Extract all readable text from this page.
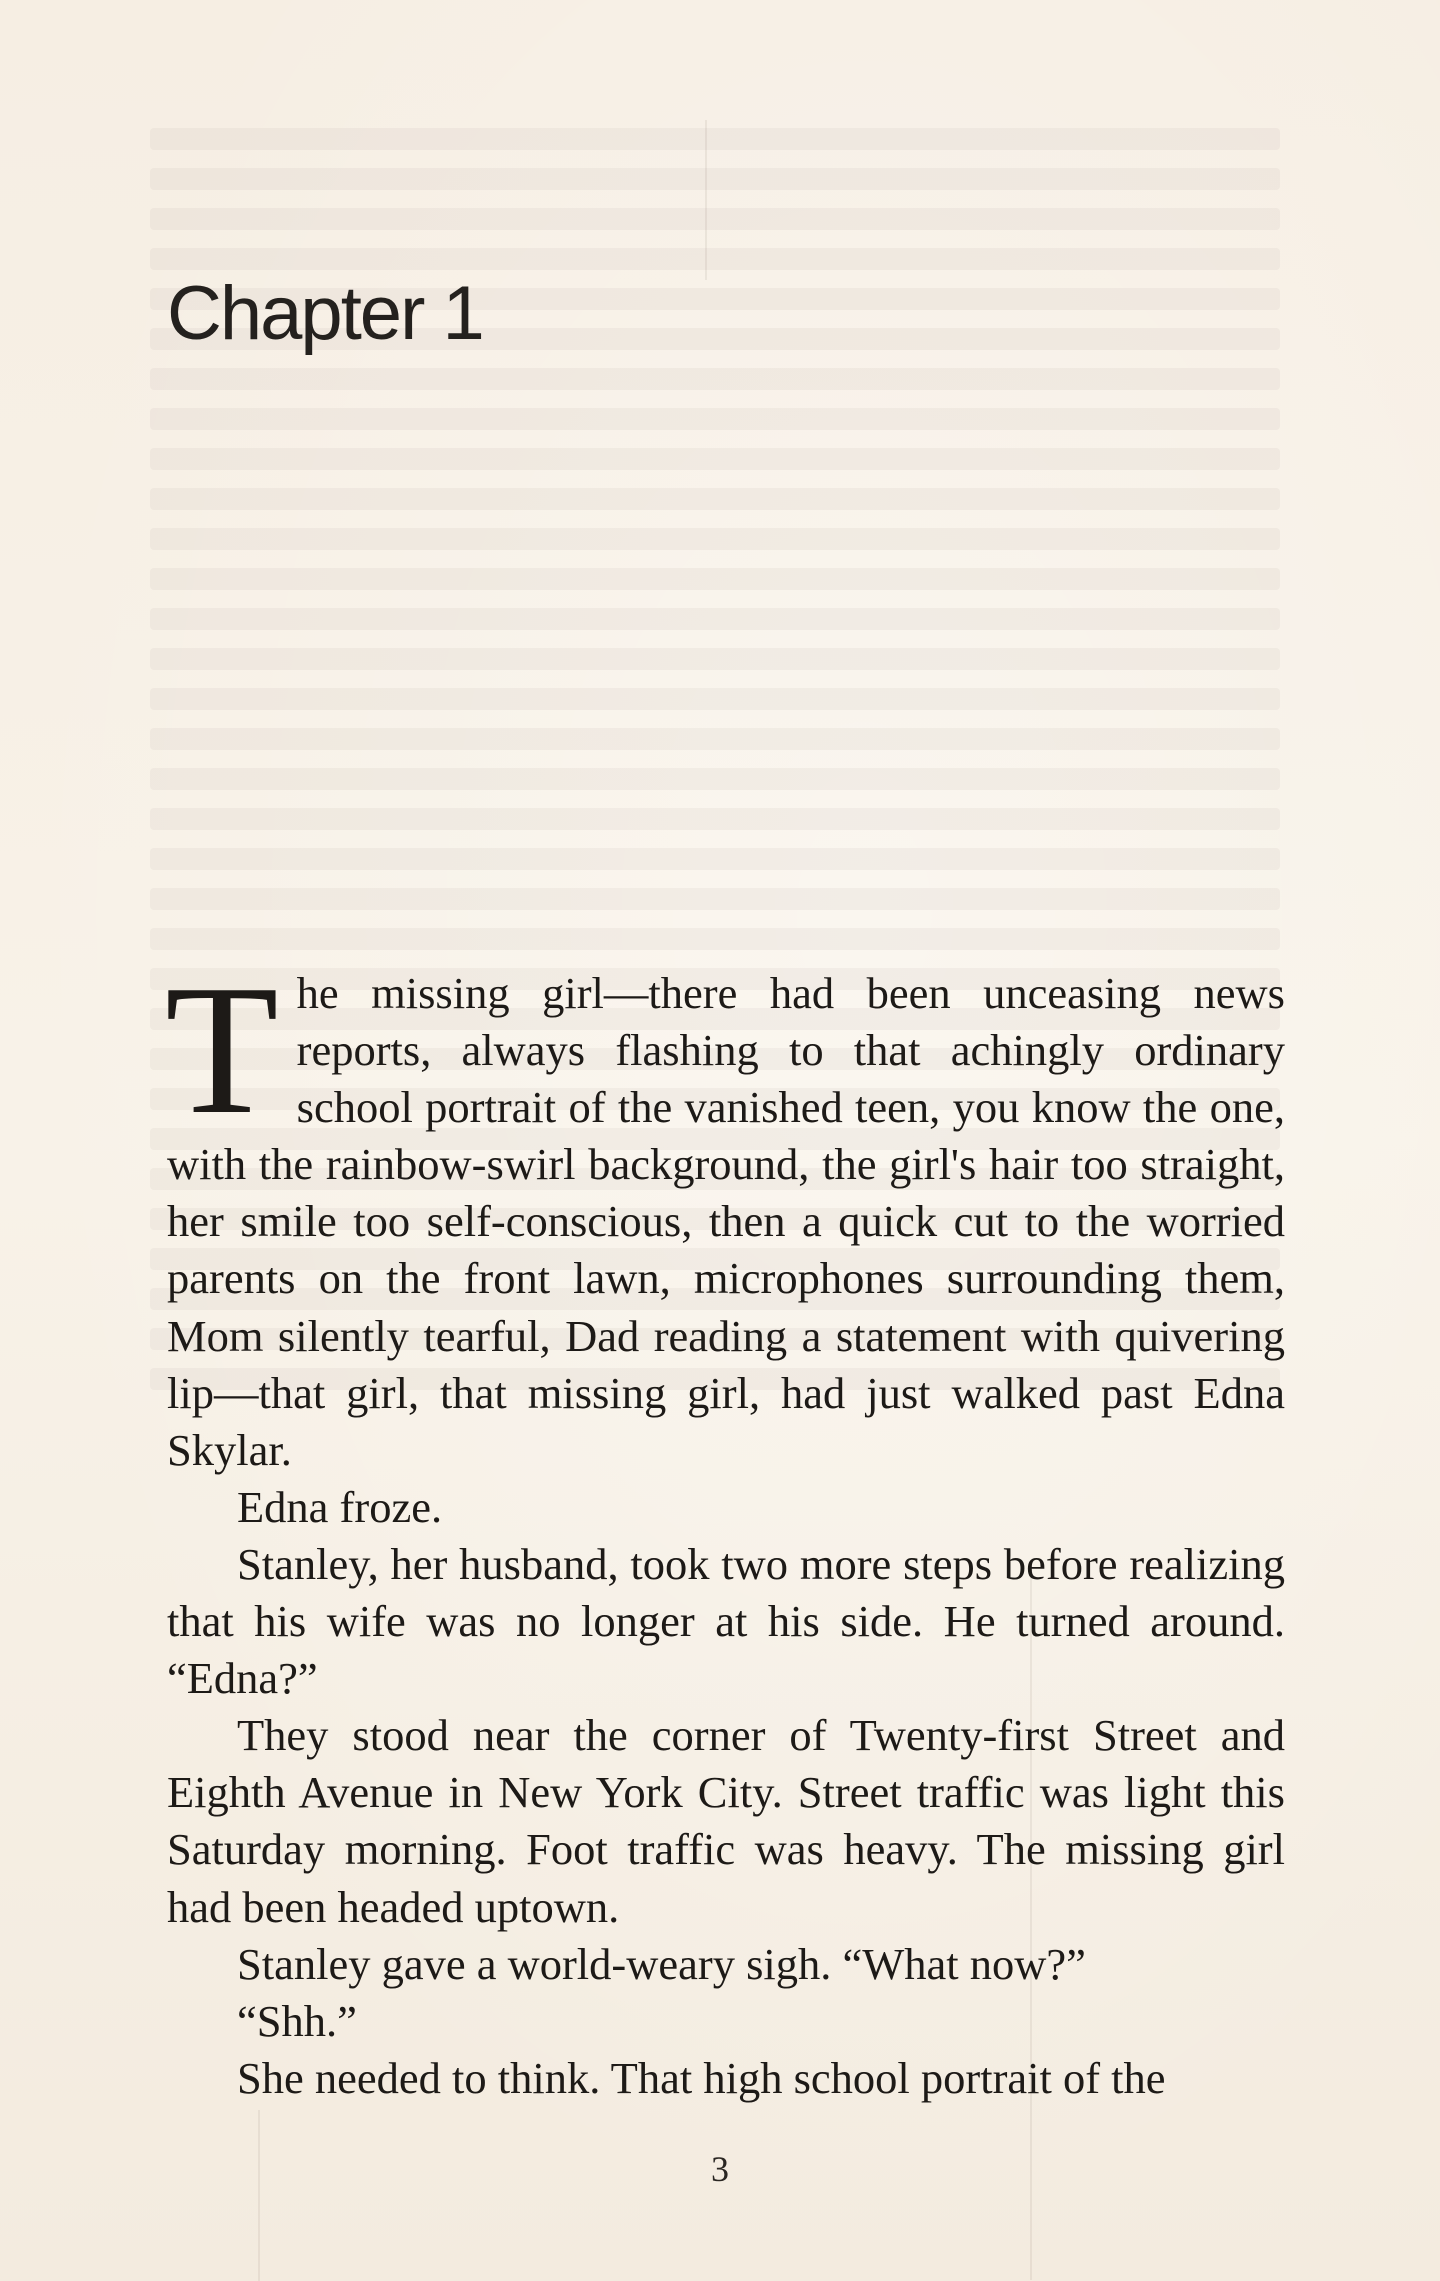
Chapter 1

The missing girl—there had been unceasing news reports, always flashing to that achingly ordinary school portrait of the vanished teen, you know the one, with the rainbow-swirl background, the girl's hair too straight, her smile too self-conscious, then a quick cut to the worried parents on the front lawn, microphones surrounding them, Mom silently tearful, Dad reading a statement with quivering lip—that girl, that missing girl, had just walked past Edna Skylar.

Edna froze.

Stanley, her husband, took two more steps before realizing that his wife was no longer at his side. He turned around. “Edna?”

They stood near the corner of Twenty-first Street and Eighth Avenue in New York City. Street traffic was light this Saturday morning. Foot traffic was heavy. The missing girl had been headed uptown.

Stanley gave a world-weary sigh. “What now?”

“Shh.”

She needed to think. That high school portrait of the

3
